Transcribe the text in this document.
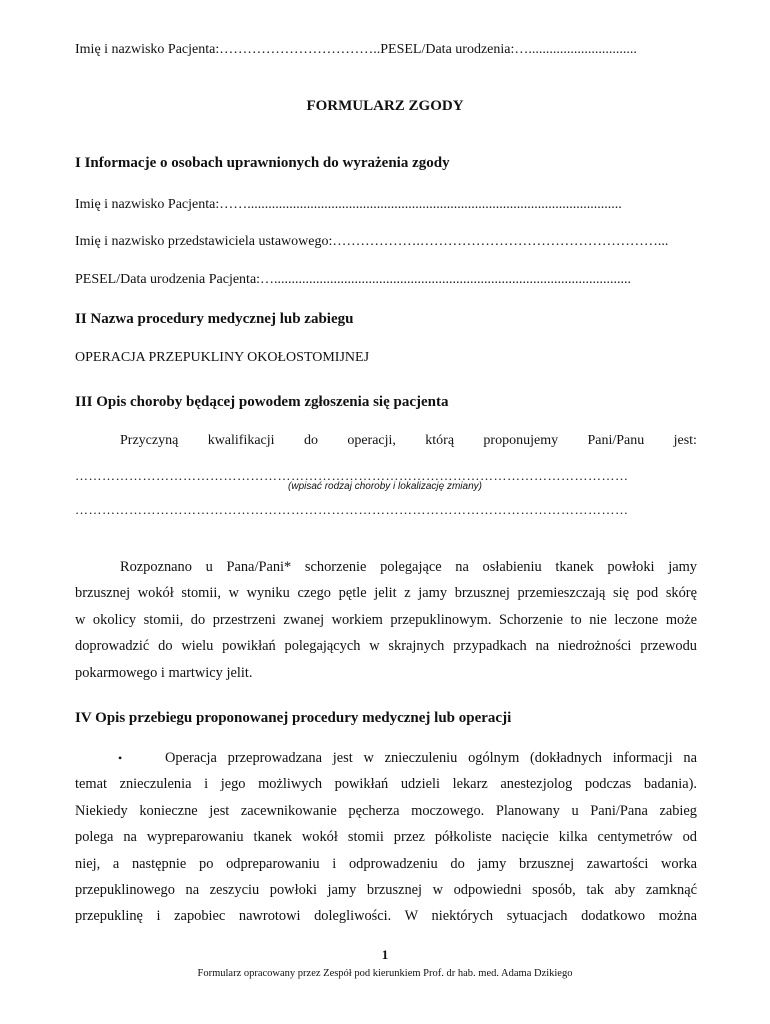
Imię i nazwisko Pacjenta:……………………………..PESEL/Data urodzenia:…...............................
FORMULARZ ZGODY
I Informacje o osobach uprawnionych do wyrażenia zgody
Imię i nazwisko Pacjenta:……...........................................................................................................
Imię i nazwisko przedstawiciela ustawowego:……………….……………………………………………...
PESEL/Data urodzenia Pacjenta:…......................................................................................................
II Nazwa procedury medycznej lub zabiegu
OPERACJA PRZEPUKLINY OKOŁOSTOMIJNEJ
III Opis choroby będącej powodem zgłoszenia się pacjenta
Przyczyną kwalifikacji do operacji, którą proponujemy Pani/Panu jest:
……………………………………………………………………………………………………………
(wpisać rodzaj choroby i lokalizację zmiany)
……………………………………………………………………………………………………………
Rozpoznano u Pana/Pani* schorzenie polegające na osłabieniu tkanek powłoki jamy
brzusznej wokół stomii, w wyniku czego pętle jelit z jamy brzusznej przemieszczają się pod skórę
w okolicy stomii, do przestrzeni zwanej workiem przepuklinowym. Schorzenie to nie leczone może
doprowadzić do wielu powikłań polegających w skrajnych przypadkach na niedrożności przewodu
pokarmowego i martwicy jelit.
IV Opis przebiegu proponowanej procedury medycznej lub operacji
•	Operacja przeprowadzana jest w znieczuleniu ogólnym (dokładnych informacji na
temat znieczulenia i jego możliwych powikłań udzieli lekarz anestezjolog podczas badania).
Niekiedy konieczne jest zacewnikowanie pęcherza moczowego. Planowany u Pani/Pana zabieg
polega na wypreparowaniu tkanek wokół stomii przez półkoliste nacięcie kilka centymetrów od
niej, a następnie po odpreparowaniu i odprowadzeniu do jamy brzusznej zawartości worka
przepuklinowego na zeszyciu powłoki jamy brzusznej w odpowiedni sposób, tak aby zamknąć
przepuklinę i zapobiec nawrotowi dolegliwości. W niektórych sytuacjach dodatkowo można
1
Formularz opracowany przez Zespół pod kierunkiem Prof. dr hab. med. Adama Dzikiego
